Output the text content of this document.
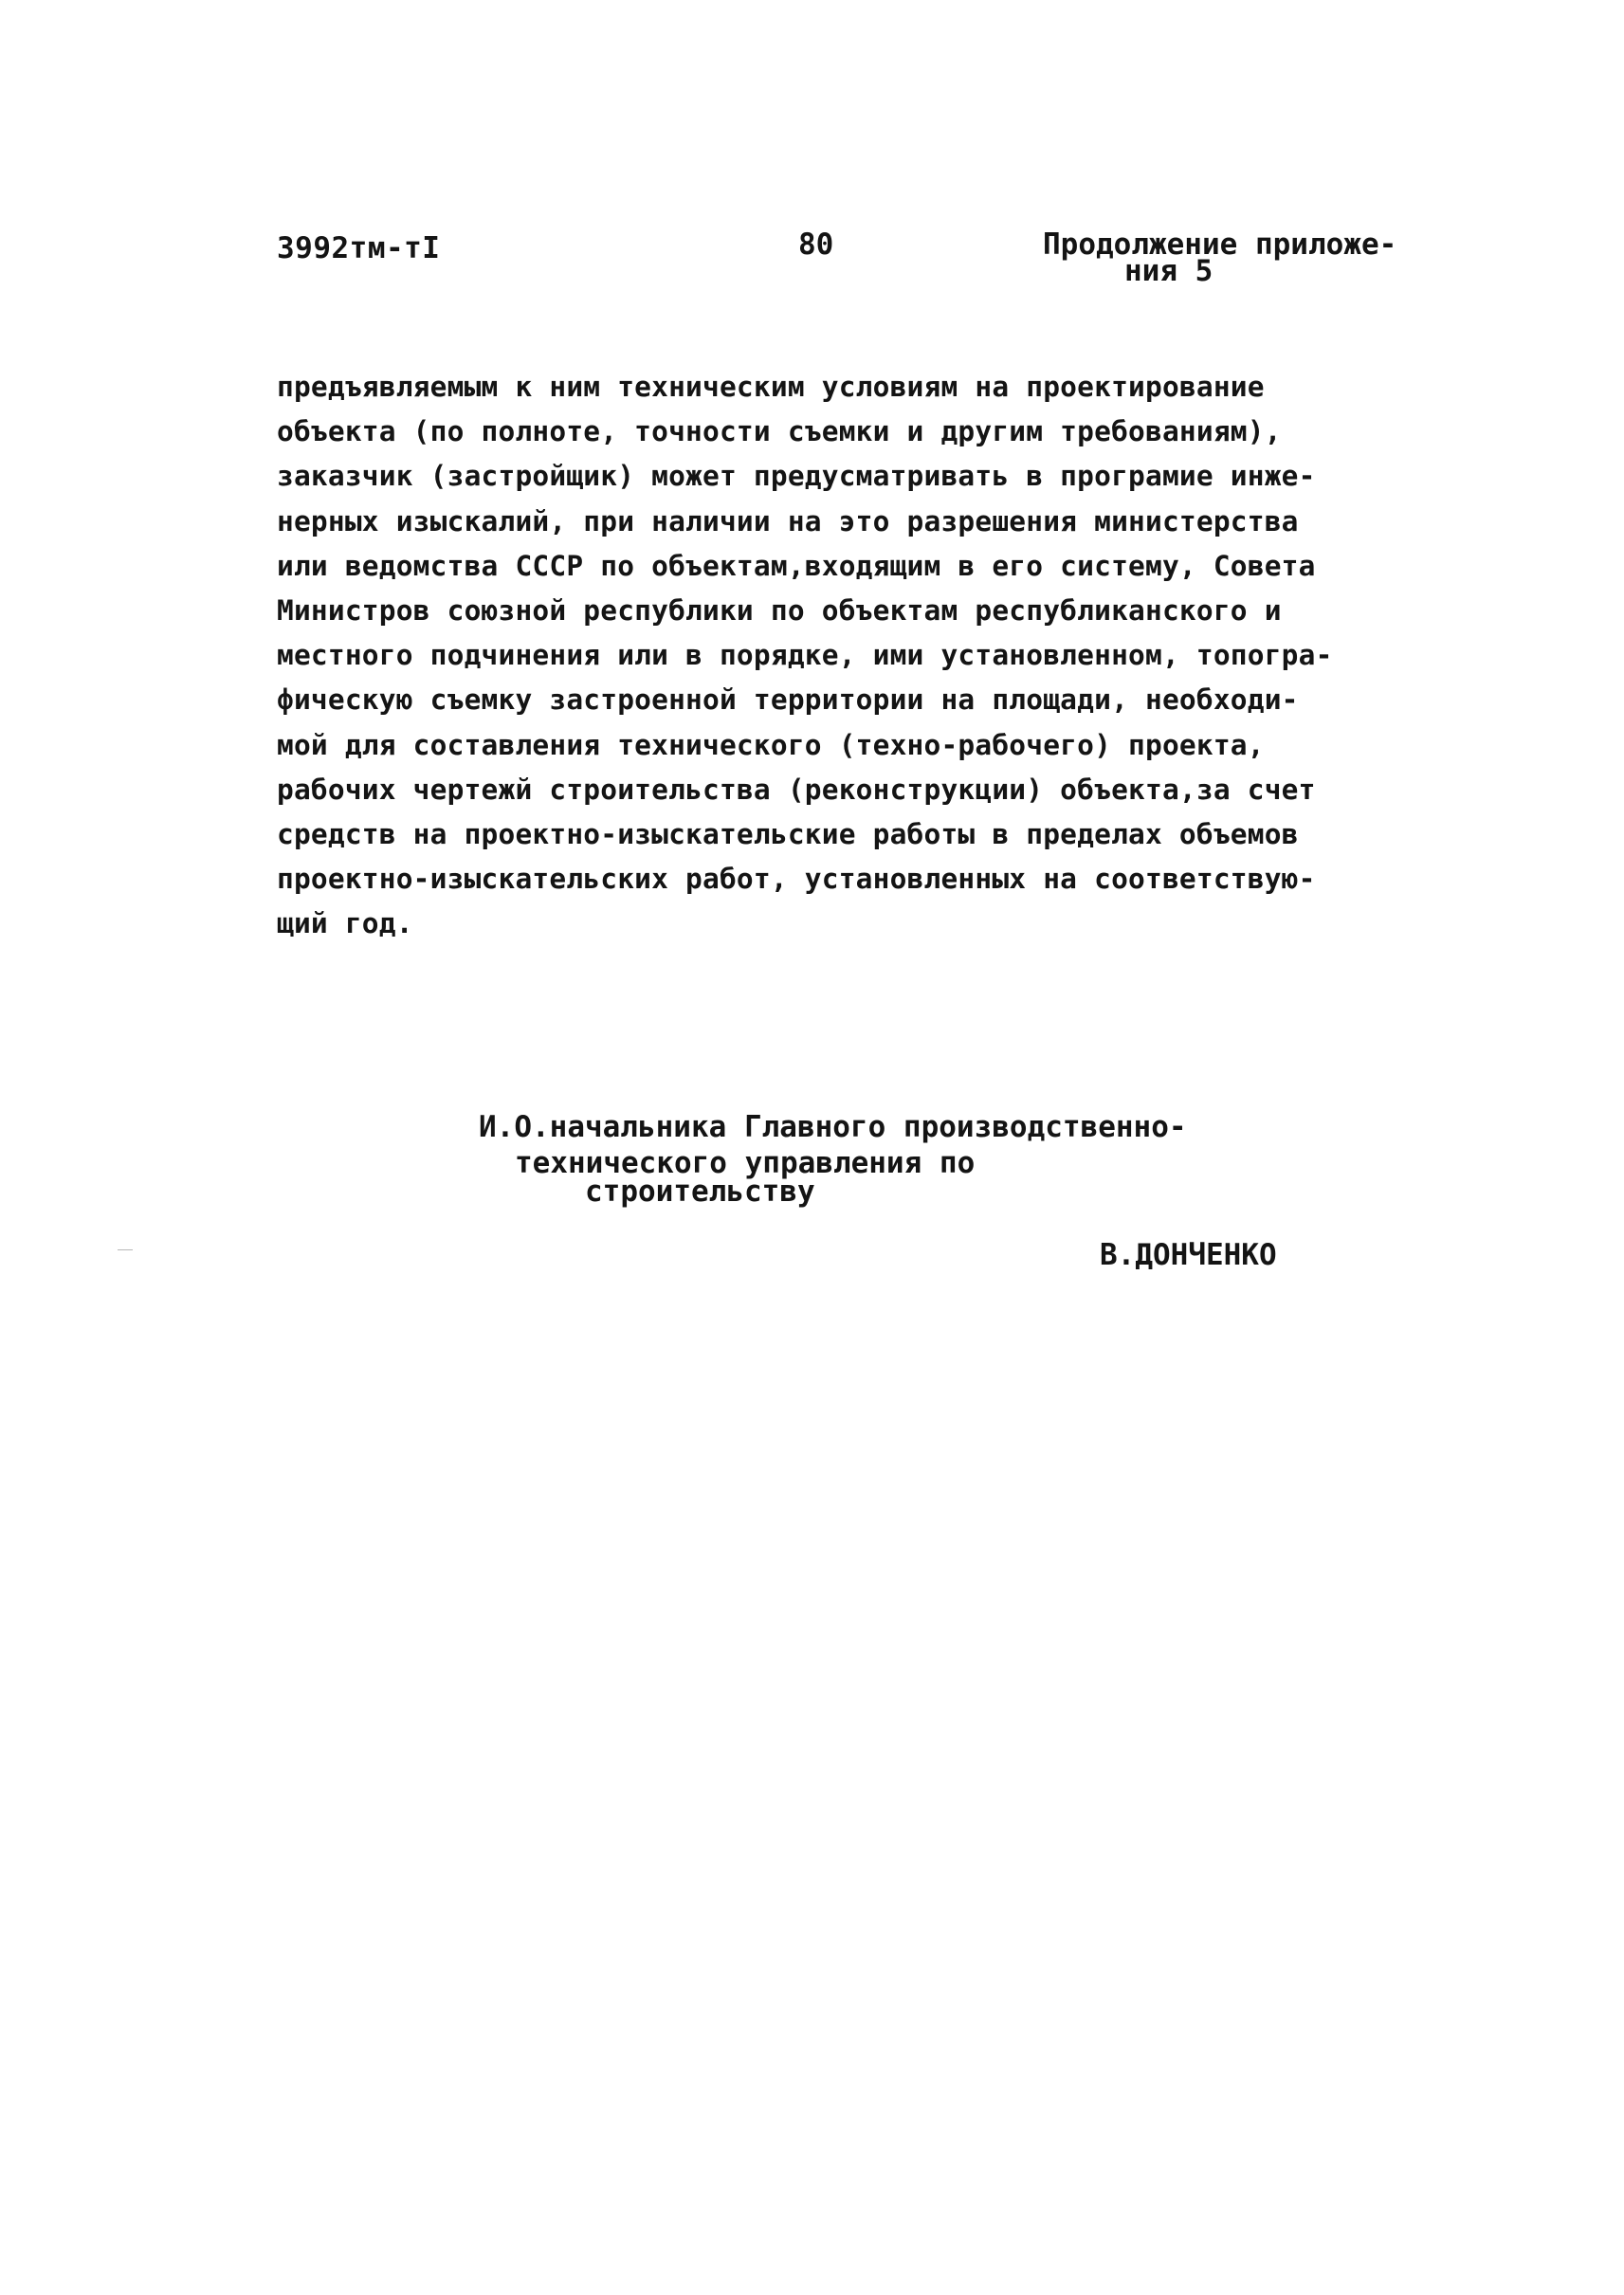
3992тм-тI	80	Продолжение приложе-
ния 5
предъявляемым к ним техническим условиям на проектирование
объекта (по полноте, точности съемки и другим требованиям),
заказчик (застройщик) может предусматривать в програмие инже-
нерных изыскалий, при наличии на это разрешения министерства
или ведомства СССР по объектам,входящим в его систему, Совета
Министров союзной республики по объектам республиканского и
местного подчинения или в порядке, ими установленном, топогра-
фическую съемку застроенной территории на площади, необходи-
мой для составления технического (техно-рабочего) проекта,
рабочих чертежй строительства (реконструкции) объекта,за счет
средств на проектно-изыскательские работы в пределах объемов
проектно-изыскательских работ, установленных на соответствую-
щий год.
И.О.начальника Главного производственно-
технического управления по
строительству
В.ДОНЧЕНКО
